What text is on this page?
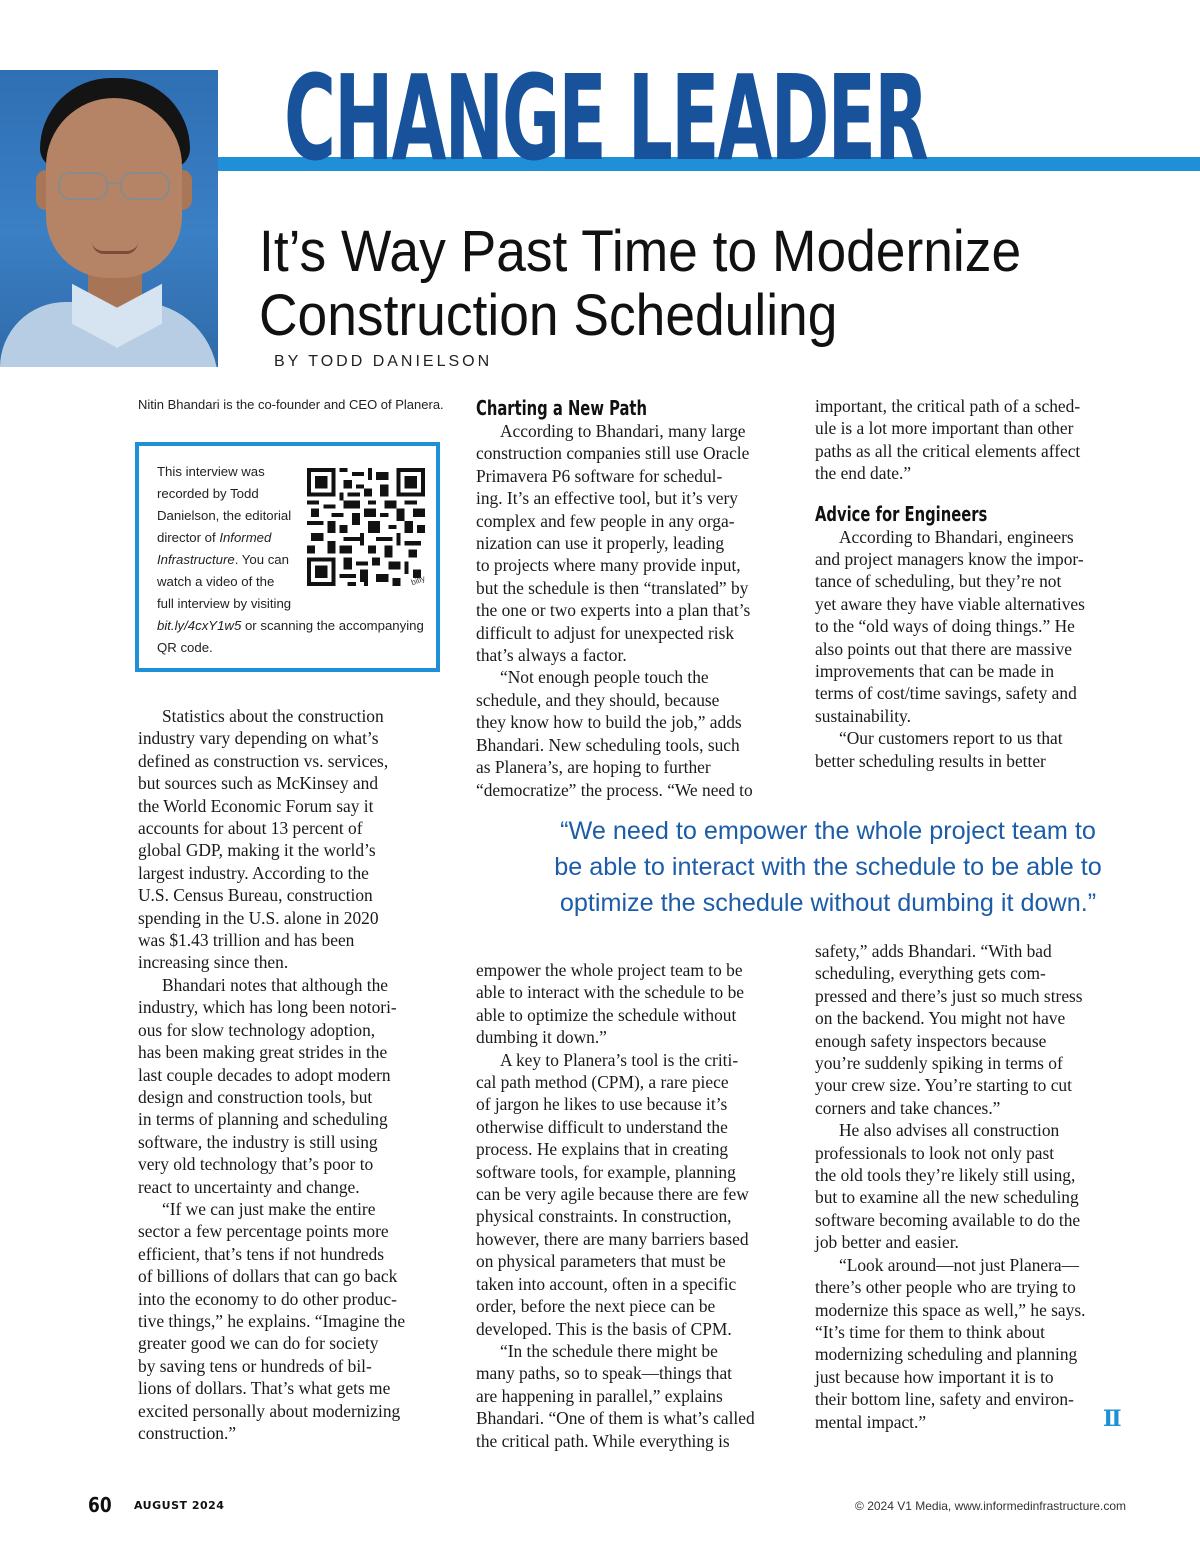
CHANGE LEADER
It’s Way Past Time to Modernize
Construction Scheduling
BY TODD DANIELSON
Nitin Bhandari is the co-founder and CEO of Planera.
This interview was
recorded by Todd
Danielson, the editorial
director of Informed
Infrastructure. You can
watch a video of the
full interview by visiting
bit.ly/4cxY1w5 or scanning the accompanying
QR code.
bitly

Statistics about the construction
industry vary depending on what’s
defined as construction vs. services,
but sources such as McKinsey and
the World Economic Forum say it
accounts for about 13 percent of
global GDP, making it the world’s
largest industry. According to the
U.S. Census Bureau, construction
spending in the U.S. alone in 2020
was $1.43 trillion and has been
increasing since then.

Bhandari notes that although the
industry, which has long been notori-
ous for slow technology adoption,
has been making great strides in the
last couple decades to adopt modern
design and construction tools, but
in terms of planning and scheduling
software, the industry is still using
very old technology that’s poor to
react to uncertainty and change.

“If we can just make the entire
sector a few percentage points more
efficient, that’s tens if not hundreds
of billions of dollars that can go back
into the economy to do other produc-
tive things,” he explains. “Imagine the
greater good we can do for society
by saving tens or hundreds of bil-
lions of dollars. That’s what gets me
excited personally about modernizing
construction.”

Charting a New Path

According to Bhandari, many large
construction companies still use Oracle
Primavera P6 software for schedul-
ing. It’s an effective tool, but it’s very
complex and few people in any orga-
nization can use it properly, leading
to projects where many provide input,
but the schedule is then “translated” by
the one or two experts into a plan that’s
difficult to adjust for unexpected risk
that’s always a factor.

“Not enough people touch the
schedule, and they should, because
they know how to build the job,” adds
Bhandari. New scheduling tools, such
as Planera’s, are hoping to further
“democratize” the process. “We need to

important, the critical path of a sched-
ule is a lot more important than other
paths as all the critical elements affect
the end date.”

Advice for Engineers

According to Bhandari, engineers
and project managers know the impor-
tance of scheduling, but they’re not
yet aware they have viable alternatives
to the “old ways of doing things.” He
also points out that there are massive
improvements that can be made in
terms of cost/time savings, safety and
sustainability.

“Our customers report to us that
better scheduling results in better

“We need to empower the whole project team to
be able to interact with the schedule to be able to
optimize the schedule without dumbing it down.”

empower the whole project team to be
able to interact with the schedule to be
able to optimize the schedule without
dumbing it down.”

A key to Planera’s tool is the criti-
cal path method (CPM), a rare piece
of jargon he likes to use because it’s
otherwise difficult to understand the
process. He explains that in creating
software tools, for example, planning
can be very agile because there are few
physical constraints. In construction,
however, there are many barriers based
on physical parameters that must be
taken into account, often in a specific
order, before the next piece can be
developed. This is the basis of CPM.

“In the schedule there might be
many paths, so to speak—things that
are happening in parallel,” explains
Bhandari. “One of them is what’s called
the critical path. While everything is

safety,” adds Bhandari. “With bad
scheduling, everything gets com-
pressed and there’s just so much stress
on the backend. You might not have
enough safety inspectors because
you’re suddenly spiking in terms of
your crew size. You’re starting to cut
corners and take chances.”

He also advises all construction
professionals to look not only past
the old tools they’re likely still using,
but to examine all the new scheduling
software becoming available to do the
job better and easier.

“Look around—not just Planera—
there’s other people who are trying to
modernize this space as well,” he says.
“It’s time for them to think about
modernizing scheduling and planning
just because how important it is to
their bottom line, safety and environ-
mental impact.”	II
60 AUGUST 2024	© 2024 V1 Media, www.informedinfrastructure.com
